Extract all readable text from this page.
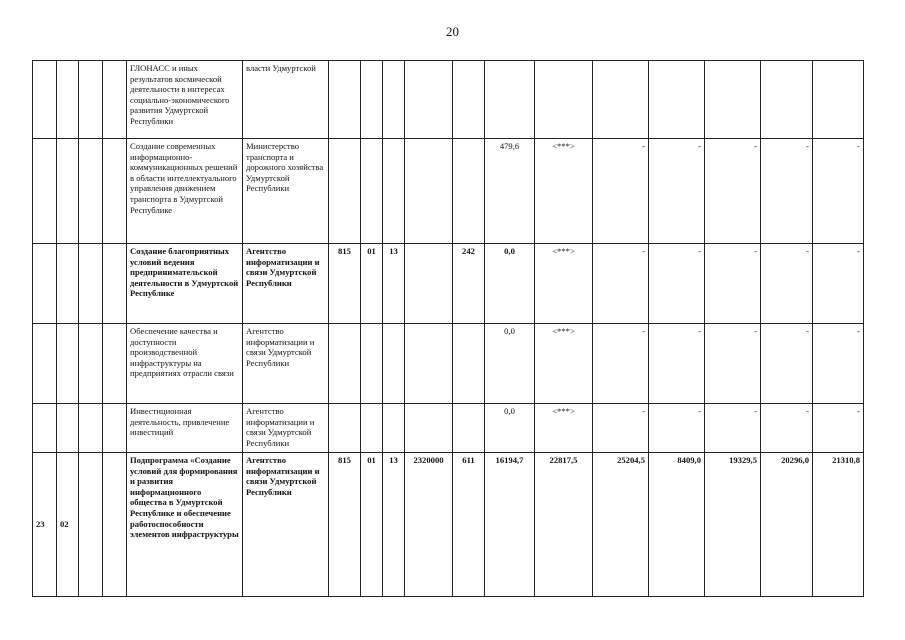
20
				ГЛОНАСС и иных результатов космической деятельности в интересах социально-экономического развития Удмуртской Республики	власти Удмуртской												
				Создание современных информационно-коммуникационных решений в области интеллектуального управления движением транспорта в Удмуртской Республике	Министерство транспорта и дорожного хозяйства Удмуртской Республики						479,6	<***>	-	-	-	-	-
				Создание благоприятных условий ведения предпринимательской деятельности в Удмуртской Республике	Агентство информатизации и связи Удмуртской Республики	815	01	13		242	0,0	<***>	-	-	-	-	-
				Обеспечение качества и доступности производственной инфраструктуры на предприятиях отрасли связи	Агентство информатизации и связи Удмуртской Республики						0,0	<***>	-	-	-	-	-
				Инвестиционная деятельность, привлечение инвестиций	Агентство информатизации и связи Удмуртской Республики						0,0	<***>	-	-	-	-	-
23	02			Подпрограмма «Создание условий для формирования и развития информационного общества в Удмуртской Республике и обеспечение работоспособности элементов инфраструктуры	Агентство информатизации и связи Удмуртской Республики	815	01	13	2320000	611	16194,7	22817,5	25204,5	8409,0	19329,5	20296,0	21310,8
